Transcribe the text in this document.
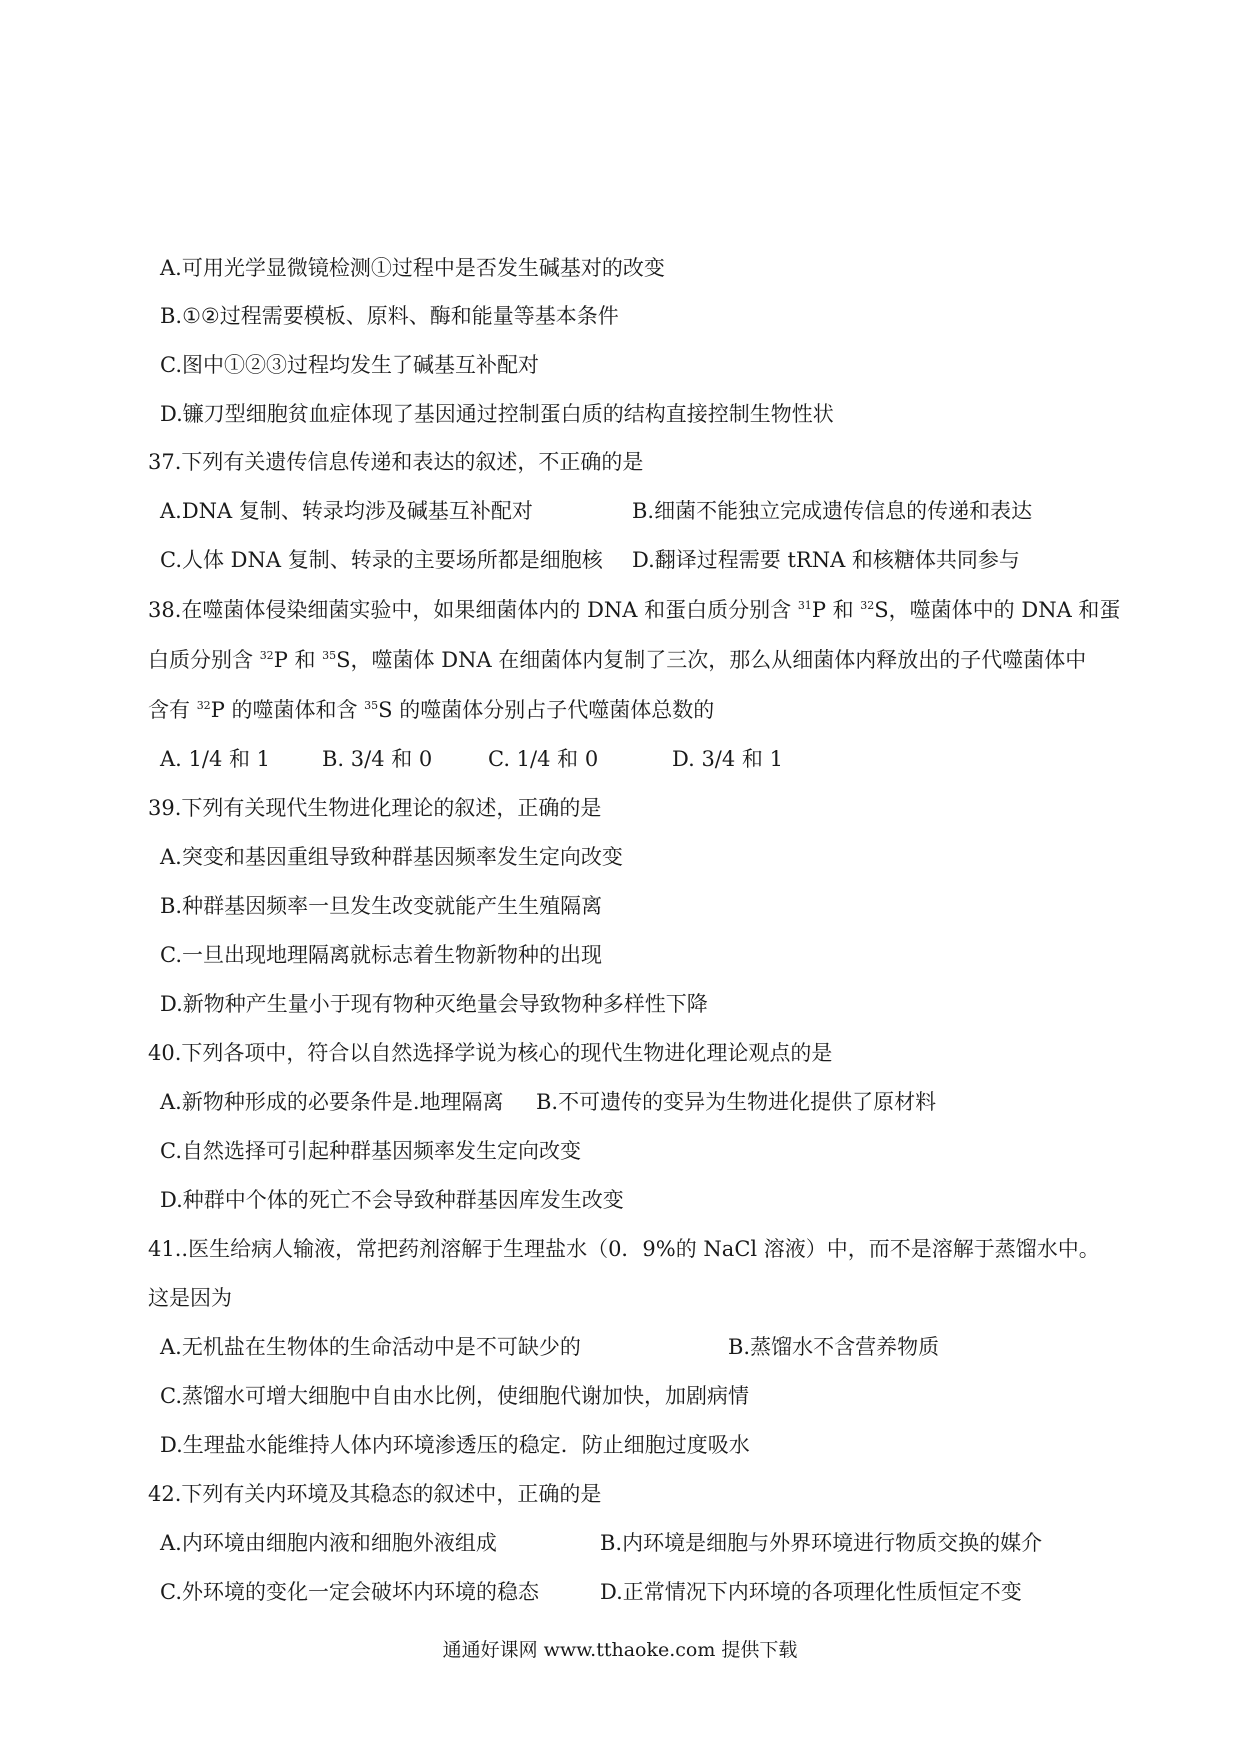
A.可用光学显微镜检测①过程中是否发生碱基对的改变
B.①②过程需要模板、原料、酶和能量等基本条件
C.图中①②③过程均发生了碱基互补配对
D.镰刀型细胞贫血症体现了基因通过控制蛋白质的结构直接控制生物性状
37.下列有关遗传信息传递和表达的叙述，不正确的是
A.DNA 复制、转录均涉及碱基互补配对	B.细菌不能独立完成遗传信息的传递和表达
C.人体 DNA 复制、转录的主要场所都是细胞核 D.翻译过程需要 tRNA 和核糖体共同参与
38.在噬菌体侵染细菌实验中，如果细菌体内的 DNA 和蛋白质分别含 $^{31}$P 和 $^{32}$S，噬菌体中的 DNA 和蛋
白质分别含 $^{32}$P 和 $^{35}$S，噬菌体 DNA 在细菌体内复制了三次，那么从细菌体内释放出的子代噬菌体中
含有 $^{32}$P 的噬菌体和含 $^{35}$S 的噬菌体分别占子代噬菌体总数的
A. 1/4 和 1 B. 3/4 和 0	C. 1/4 和 0	D. 3/4 和 1
39.下列有关现代生物进化理论的叙述，正确的是
A.突变和基因重组导致种群基因频率发生定向改变
B.种群基因频率一旦发生改变就能产生生殖隔离
C.一旦出现地理隔离就标志着生物新物种的出现
D.新物种产生量小于现有物种灭绝量会导致物种多样性下降
40.下列各项中，符合以自然选择学说为核心的现代生物进化理论观点的是
A.新物种形成的必要条件是.地理隔离 B.不可遗传的变异为生物进化提供了原材料
C.自然选择可引起种群基因频率发生定向改变
D.种群中个体的死亡不会导致种群基因库发生改变
41..医生给病人输液，常把药剂溶解于生理盐水（0．9%的 NaCl 溶液）中，而不是溶解于蒸馏水中。
这是因为
A.无机盐在生物体的生命活动中是不可缺少的	B.蒸馏水不含营养物质
C.蒸馏水可增大细胞中自由水比例，使细胞代谢加快，加剧病情
D.生理盐水能维持人体内环境渗透压的稳定．防止细胞过度吸水
42.下列有关内环境及其稳态的叙述中，正确的是
A.内环境由细胞内液和细胞外液组成	B.内环境是细胞与外界环境进行物质交换的媒介
C.外环境的变化一定会破坏内环境的稳态	D.正常情况下内环境的各项理化性质恒定不变
通通好课网 www.tthaoke.com 提供下载
